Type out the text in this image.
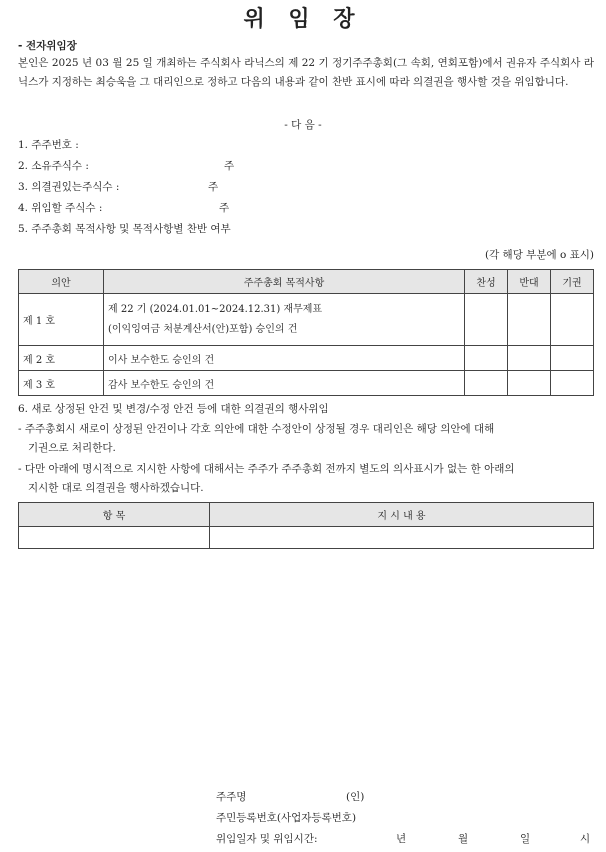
위 임 장
- 전자위임장
본인은 2025 년 03 월 25 일 개최하는 주식회사 라닉스의 제 22 기 정기주주총회(그 속회, 연회포함)에서 권유자 주식회사 라닉스가 지정하는 최승욱을 그 대리인으로 정하고 다음의 내용과 같이 찬반 표시에 따라 의결권을 행사할 것을 위임합니다.
- 다 음 -
1. 주주번호 :
2. 소유주식수 :	주
3. 의결권있는주식수 :	주
4. 위임할 주식수 :	주
5. 주주총회 목적사항 및 목적사항별 찬반 여부
(각 해당 부분에 o 표시)
의안	주주총회 목적사항	찬성	반대	기권
제 1 호	제 22 기 (2024.01.01~2024.12.31) 재무제표
(이익잉여금 처분계산서(안)포함) 승인의 건			
제 2 호	이사 보수한도 승인의 건			
제 3 호	감사 보수한도 승인의 건			
6. 새로 상정된 안건 및 변경/수정 안건 등에 대한 의결권의 행사위임
- 주주총회시 새로이 상정된 안건이나 각호 의안에 대한 수정안이 상정될 경우 대리인은 해당 의안에 대해
기권으로 처리한다.
- 다만 아래에 명시적으로 지시한 사항에 대해서는 주주가 주주총회 전까지 별도의 의사표시가 없는 한 아래의
지시한 대로 의결권을 행사하겠습니다.
항 목	지 시 내 용

주주명	(인)
주민등록번호(사업자등록번호)
위임일자 및 위임시간:	년	월	일	시
